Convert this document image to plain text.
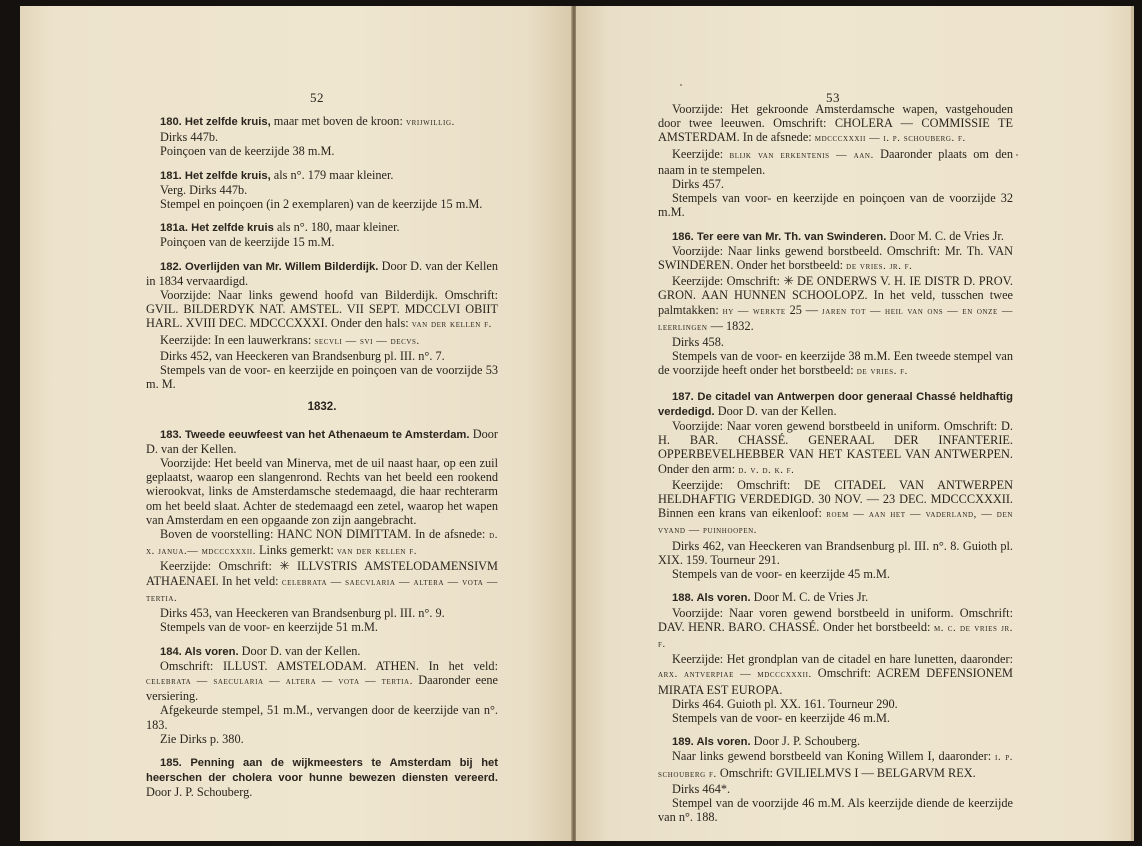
52

180. Het zelfde kruis, maar met boven de kroon: vrijwillig.

Dirks 447b.

Poinçoen van de keerzijde 38 m.M.

181. Het zelfde kruis, als n°. 179 maar kleiner.

Verg. Dirks 447b.

Stempel en poinçoen (in 2 exemplaren) van de keerzijde 15 m.M.

181a. Het zelfde kruis als n°. 180, maar kleiner.

Poinçoen van de keerzijde 15 m.M.

182. Overlijden van Mr. Willem Bilderdijk. Door D. van der Kellen in 1834 vervaardigd.

Voorzijde: Naar links gewend hoofd van Bilderdijk. Omschrift: GVIL. BILDERDYK NAT. AMSTEL. VII SEPT. MDCCLVI OBIIT HARL. XVIII DEC. MDCCCXXXI. Onder den hals: van der kellen f.

Keerzijde: In een lauwerkrans: secvli — svi — decvs.

Dirks 452, van Heeckeren van Brandsenburg pl. III. n°. 7.

Stempels van de voor- en keerzijde en poinçoen van de voorzijde 53 m. M.

1832.

183. Tweede eeuwfeest van het Athenaeum te Amsterdam. Door D. van der Kellen.

Voorzijde: Het beeld van Minerva, met de uil naast haar, op een zuil geplaatst, waarop een slangenrond. Rechts van het beeld een rookend wierookvat, links de Amsterdamsche stedemaagd, die haar rechterarm om het beeld slaat. Achter de stedemaagd een zetel, waarop het wapen van Amsterdam en een opgaande zon zijn aangebracht.

Boven de voorstelling: HANC NON DIMITTAM. In de afsnede: d. x. janua.— mdcccxxxii. Links gemerkt: van der kellen f.

Keerzijde: Omschrift: ✳ ILLVSTRIS AMSTELODAMENSIVM ATHAENAEI. In het veld: celebrata — saecvlaria — altera — vota — tertia.

Dirks 453, van Heeckeren van Brandsenburg pl. III. n°. 9.

Stempels van de voor- en keerzijde 51 m.M.

184. Als voren. Door D. van der Kellen.

Omschrift: ILLUST. AMSTELODAM. ATHEN. In het veld: celebrata — saecularia — altera — vota — tertia. Daaronder eene versiering.

Afgekeurde stempel, 51 m.M., vervangen door de keerzijde van n°. 183.

Zie Dirks p. 380.

185. Penning aan de wijkmeesters te Amsterdam bij het heerschen der cholera voor hunne bewezen diensten vereerd. Door J. P. Schouberg.

53

Voorzijde: Het gekroonde Amsterdamsche wapen, vastgehouden door twee leeuwen. Omschrift: CHOLERA — COMMISSIE TE AMSTERDAM. In de afsnede: mdcccxxxii — i. p. schouberg. f.

Keerzijde: blijk van erkentenis — aan. Daaronder plaats om den naam in te stempelen.

Dirks 457.

Stempels van voor- en keerzijde en poinçoen van de voorzijde 32 m.M.

186. Ter eere van Mr. Th. van Swinderen. Door M. C. de Vries Jr.

Voorzijde: Naar links gewend borstbeeld. Omschrift: Mr. Th. VAN SWINDEREN. Onder het borstbeeld: de vries. jr. f.

Keerzijde: Omschrift: ✳ DE ONDERWS V. H. IE DISTR D. PROV. GRON. AAN HUNNEN SCHOOLOPZ. In het veld, tusschen twee palmtakken: hy — werkte 25 — jaren tot — heil van ons — en onze — leerlingen — 1832.

Dirks 458.

Stempels van de voor- en keerzijde 38 m.M. Een tweede stempel van de voorzijde heeft onder het borstbeeld: de vries. f.

187. De citadel van Antwerpen door generaal Chassé heldhaftig verdedigd. Door D. van der Kellen.

Voorzijde: Naar voren gewend borstbeeld in uniform. Omschrift: D. H. BAR. CHASSÉ. GENERAAL DER INFANTERIE. OPPERBEVELHEBBER VAN HET KASTEEL VAN ANTWERPEN. Onder den arm: d. v. d. k. f.

Keerzijde: Omschrift: DE CITADEL VAN ANTWERPEN HELDHAFTIG VERDEDIGD. 30 NOV. — 23 DEC. MDCCCXXXII. Binnen een krans van eikenloof: roem — aan het — vaderland, — den vyand — puinhoopen.

Dirks 462, van Heeckeren van Brandsenburg pl. III. n°. 8. Guioth pl. XIX. 159. Tourneur 291.

Stempels van de voor- en keerzijde 45 m.M.

188. Als voren. Door M. C. de Vries Jr.

Voorzijde: Naar voren gewend borstbeeld in uniform. Omschrift: DAV. HENR. BARO. CHASSÉ. Onder het borstbeeld: m. c. de vries jr. f.

Keerzijde: Het grondplan van de citadel en hare lunetten, daaronder: arx. antverpiae — mdcccxxxii. Omschrift: ACREM DEFENSIONEM MIRATA EST EUROPA.

Dirks 464. Guioth pl. XX. 161. Tourneur 290.

Stempels van de voor- en keerzijde 46 m.M.

189. Als voren. Door J. P. Schouberg.

Naar links gewend borstbeeld van Koning Willem I, daaronder: i. p. schouberg f. Omschrift: GVILIELMVS I — BELGARVM REX.

Dirks 464*.

Stempel van de voorzijde 46 m.M. Als keerzijde diende de keerzijde van n°. 188.
